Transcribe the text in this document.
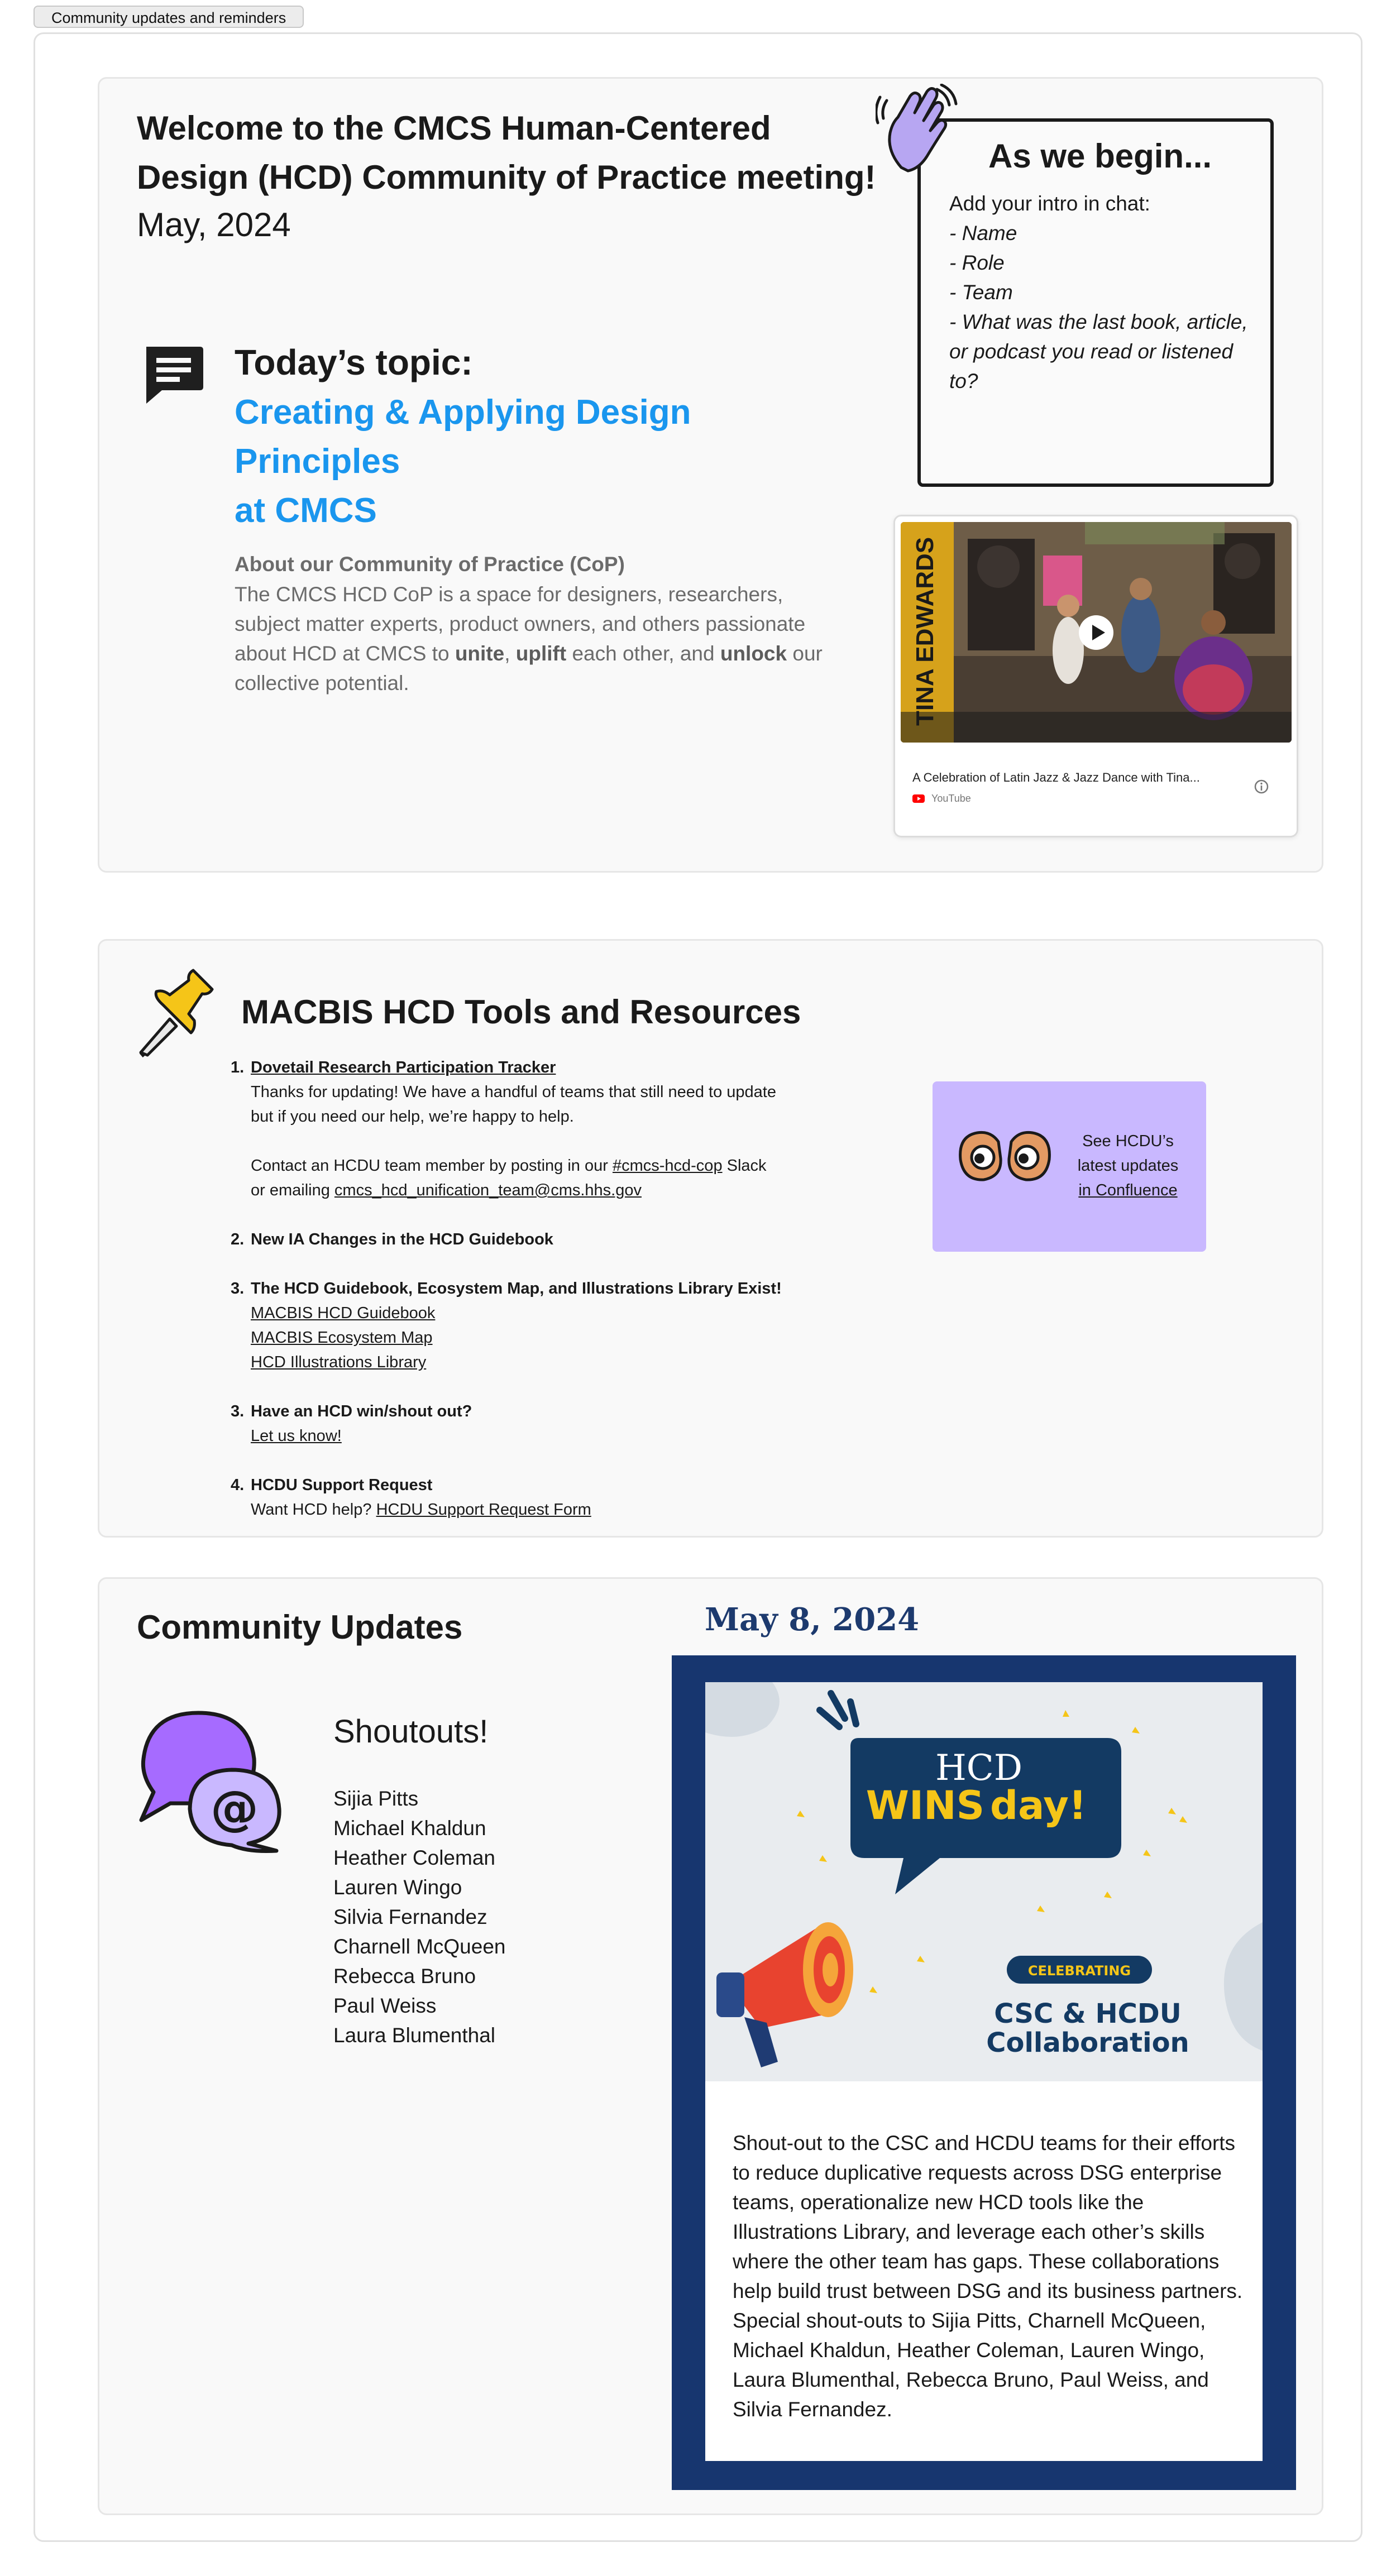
Community updates and reminders
Welcome to the CMCS Human-Centered
Design (HCD) Community of Practice meeting!
May, 2024
Today’s topic:
Creating & Applying Design Principles
at CMCS
About our Community of Practice (CoP)
The CMCS HCD CoP is a space for designers, researchers,
subject matter experts, product owners, and others passionate
about HCD at CMCS to unite, uplift each other, and unlock our
collective potential.
As we begin...
Add your intro in chat:
- Name
- Role
- Team
- What was the last book, article,
or podcast you read or listened
to?
TINA EDWARDS
A Celebration of Latin Jazz & Jazz Dance with Tina...
YouTube
MACBIS HCD Tools and Resources
1. Dovetail Research Participation Tracker
Thanks for updating! We have a handful of teams that still need to update
but if you need our help, we’re happy to help.
Contact an HCDU team member by posting in our #cmcs-hcd-cop Slack
or emailing cmcs_hcd_unification_team@cms.hhs.gov
2. New IA Changes in the HCD Guidebook
3. The HCD Guidebook, Ecosystem Map, and Illustrations Library Exist!
MACBIS HCD Guidebook
MACBIS Ecosystem Map
HCD Illustrations Library
3. Have an HCD win/shout out?
Let us know!
4. HCDU Support Request
Want HCD help? HCDU Support Request Form
See HCDU’s
latest updates
in Confluence
Community Updates
@
Shoutouts!
Sijia Pitts
Michael Khaldun
Heather Coleman
Lauren Wingo
Silvia Fernandez
Charnell McQueen
Rebecca Bruno
Paul Weiss
Laura Blumenthal
May 8, 2024
WINS day!
HCD
CELEBRATING
CSC & HCDU
Collaboration
Shout-out to the CSC and HCDU teams for their efforts
to reduce duplicative requests across DSG enterprise
teams, operationalize new HCD tools like the
Illustrations Library, and leverage each other’s skills
where the other team has gaps. These collaborations
help build trust between DSG and its business partners.
Special shout-outs to Sijia Pitts, Charnell McQueen,
Michael Khaldun, Heather Coleman, Lauren Wingo,
Laura Blumenthal, Rebecca Bruno, Paul Weiss, and
Silvia Fernandez.
